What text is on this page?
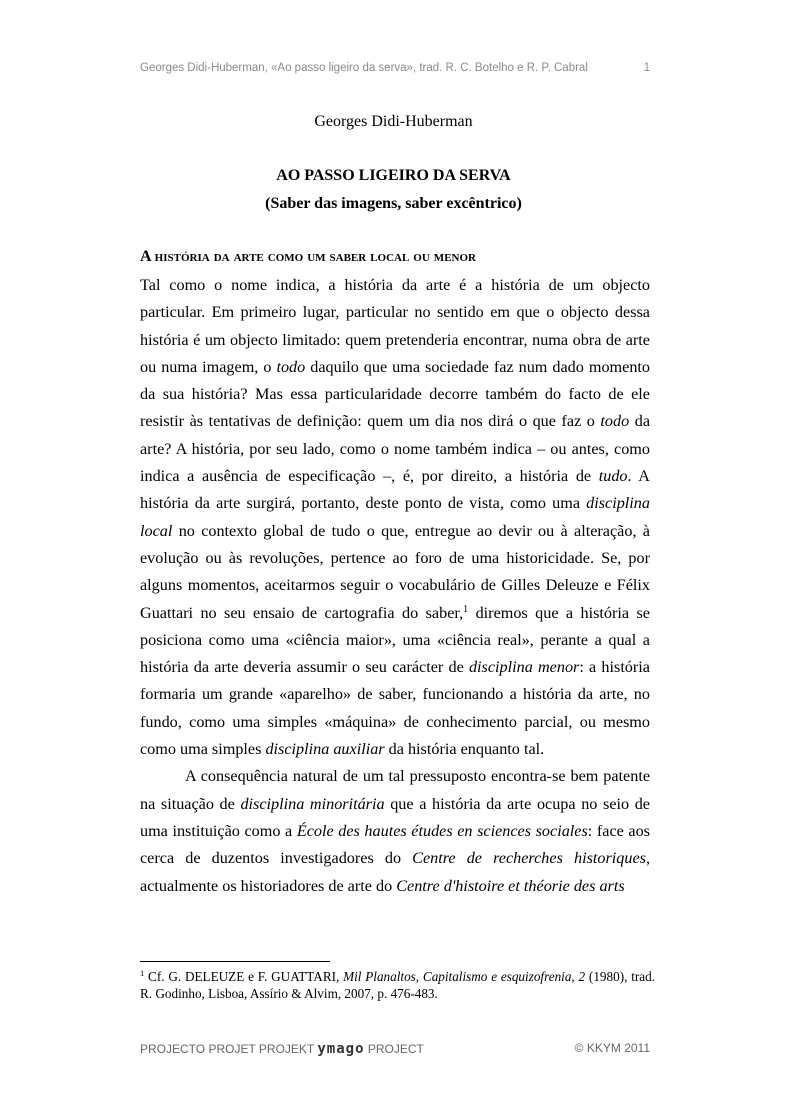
Georges Didi-Huberman, «Ao passo ligeiro da serva», trad. R. C. Botelho e R. P. Cabral	1
Georges Didi-Huberman
AO PASSO LIGEIRO DA SERVA
(Saber das imagens, saber excêntrico)
A história da arte como um saber local ou menor

Tal como o nome indica, a história da arte é a história de um objecto particular. Em primeiro lugar, particular no sentido em que o objecto dessa história é um objecto limitado: quem pretenderia encontrar, numa obra de arte ou numa imagem, o todo daquilo que uma sociedade faz num dado momento da sua história? Mas essa particularidade decorre também do facto de ele resistir às tentativas de definição: quem um dia nos dirá o que faz o todo da arte? A história, por seu lado, como o nome também indica – ou antes, como indica a ausência de especificação –, é, por direito, a história de tudo. A história da arte surgirá, portanto, deste ponto de vista, como uma disciplina local no contexto global de tudo o que, entregue ao devir ou à alteração, à evolução ou às revoluções, pertence ao foro de uma historicidade. Se, por alguns momentos, aceitarmos seguir o vocabulário de Gilles Deleuze e Félix Guattari no seu ensaio de cartografia do saber,$^1$ diremos que a história se posiciona como uma «ciência maior», uma «ciência real», perante a qual a história da arte deveria assumir o seu carácter de disciplina menor: a história formaria um grande «aparelho» de saber, funcionando a história da arte, no fundo, como uma simples «máquina» de conhecimento parcial, ou mesmo como uma simples disciplina auxiliar da história enquanto tal.

A consequência natural de um tal pressuposto encontra-se bem patente na situação de disciplina minoritária que a história da arte ocupa no seio de uma instituição como a École des hautes études en sciences sociales: face aos cerca de duzentos investigadores do Centre de recherches historiques, actualmente os historiadores de arte do Centre d'histoire et théorie des arts

$^1$ Cf. G. DELEUZE e F. GUATTARI, Mil Planaltos, Capitalismo e esquizofrenia, 2 (1980), trad. R. Godinho, Lisboa, Assírio & Alvim, 2007, p. 476-483.
PROJECTO PROJET PROJEKT ymago PROJECT	© KKYM 2011
